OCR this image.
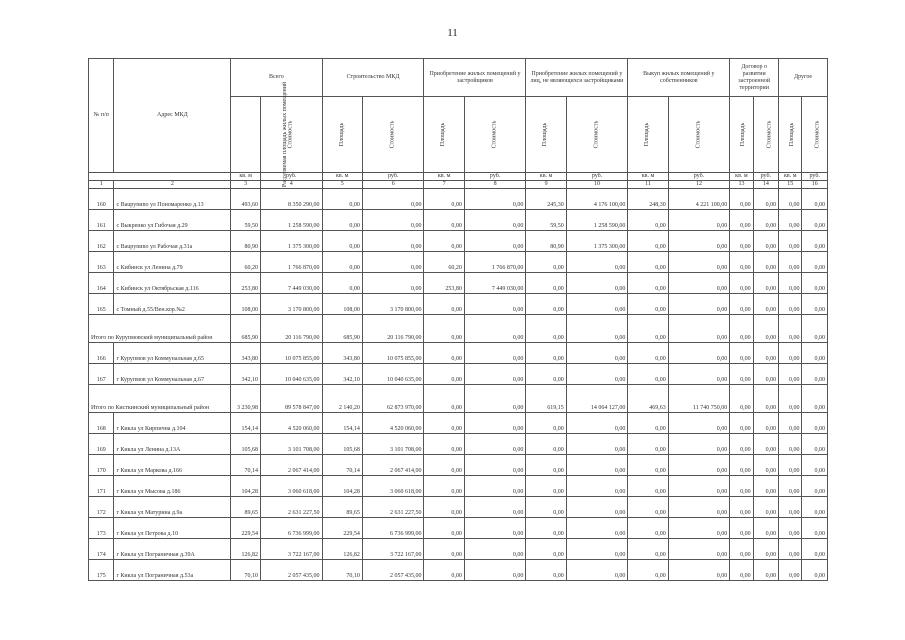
11
№ п/п	Адрес МКД	Всего		Строительство МКД		Приобретение жилых помещений у застройщиков		Приобретение жилых помещений у лиц, не являющихся застройщиками		Выкуп жилых помещений у собственников		Договор о развитии застроенной территории		Другое	
		Расселяемая площадь жилых помещений	Стоимость	Площадь	Стоимость	Площадь	Стоимость	Площадь	Стоимость	Площадь	Стоимость	Площадь	Стоимость	Площадь	Стоимость
		кв. м	руб.	кв. м	руб.	кв. м	руб.	кв. м	руб.	кв. м	руб.	кв. м	руб.	кв. м	руб.
1	2	3	4	5	6	7	8	9	10	11	12	13	14	15	16
160	с Ваupуnиnо ул Пономаренко д.13	493,60	8 350 290,00	0,00	0,00	0,00	0,00	245,30	4 176 100,00	248,30	4 221 100,00	0,00	0,00	0,00	0,00
161	с Выкренко ул Гибочая д.29	59,50	1 258 590,00	0,00	0,00	0,00	0,00	59,50	1 258 590,00	0,00	0,00	0,00	0,00	0,00	0,00
162	с Ваupуnиnо ул Рабочая д.31а	80,90	1 375 300,00	0,00	0,00	0,00	0,00	80,90	1 375 300,00	0,00	0,00	0,00	0,00	0,00	0,00
163	с Кибинск ул Ленина д.79	60,20	1 766 870,00	0,00	0,00	60,20	1 766 870,00	0,00	0,00	0,00	0,00	0,00	0,00	0,00	0,00
164	с Кибинск ул Октябрьская д.116	253,80	7 449 030,00	0,00	0,00	253,80	7 449 030,00	0,00	0,00	0,00	0,00	0,00	0,00	0,00	0,00
165	с Томный д.55/Вен.кор.№2	108,00	3 170 800,00	108,00	3 170 800,00	0,00	0,00	0,00	0,00	0,00	0,00	0,00	0,00	0,00	0,00
Итого по Курупмовский муниципальный район		685,90	20 116 790,00	685,90	20 116 790,00	0,00	0,00	0,00	0,00	0,00	0,00	0,00	0,00	0,00	0,00
166	г Курупмов ул Коммунальная д.65	343,80	10 075 855,00	343,80	10 075 855,00	0,00	0,00	0,00	0,00	0,00	0,00	0,00	0,00	0,00	0,00
167	г Курупмов ул Коммунальная д.67	342,10	10 040 635,00	342,10	10 040 635,00	0,00	0,00	0,00	0,00	0,00	0,00	0,00	0,00	0,00	0,00
Итого по Кисткинский муниципальный район		3 230,98	89 578 847,00	2 140,20	62 873 970,00	0,00	0,00	619,15	14 064 127,00	469,63	11 740 750,00	0,00	0,00	0,00	0,00
168	г Кикла ул Кирпична д.104	154,14	4 520 060,00	154,14	4 520 060,00	0,00	0,00	0,00	0,00	0,00	0,00	0,00	0,00	0,00	0,00
169	г Кикла ул Ленина д.13А	105,68	3 101 708,00	105,68	3 101 708,00	0,00	0,00	0,00	0,00	0,00	0,00	0,00	0,00	0,00	0,00
170	г Кикла ул Маркова д.166	70,14	2 067 414,00	70,14	2 067 414,00	0,00	0,00	0,00	0,00	0,00	0,00	0,00	0,00	0,00	0,00
171	г Кикла ул Мысова д.186	104,28	3 060 618,00	104,28	3 060 618,00	0,00	0,00	0,00	0,00	0,00	0,00	0,00	0,00	0,00	0,00
172	г Кикла ул Матурина д.9а	89,65	2 631 227,50	89,65	2 631 227,50	0,00	0,00	0,00	0,00	0,00	0,00	0,00	0,00	0,00	0,00
173	г Кикла ул Петрова д.10	229,54	6 736 999,00	229,54	6 736 999,00	0,00	0,00	0,00	0,00	0,00	0,00	0,00	0,00	0,00	0,00
174	г Кикла ул Пограничная д.39А	126,82	3 722 167,00	126,82	3 722 167,00	0,00	0,00	0,00	0,00	0,00	0,00	0,00	0,00	0,00	0,00
175	г Кикла ул Пограничная д.53а	70,10	2 057 435,00	70,10	2 057 435,00	0,00	0,00	0,00	0,00	0,00	0,00	0,00	0,00	0,00	0,00
